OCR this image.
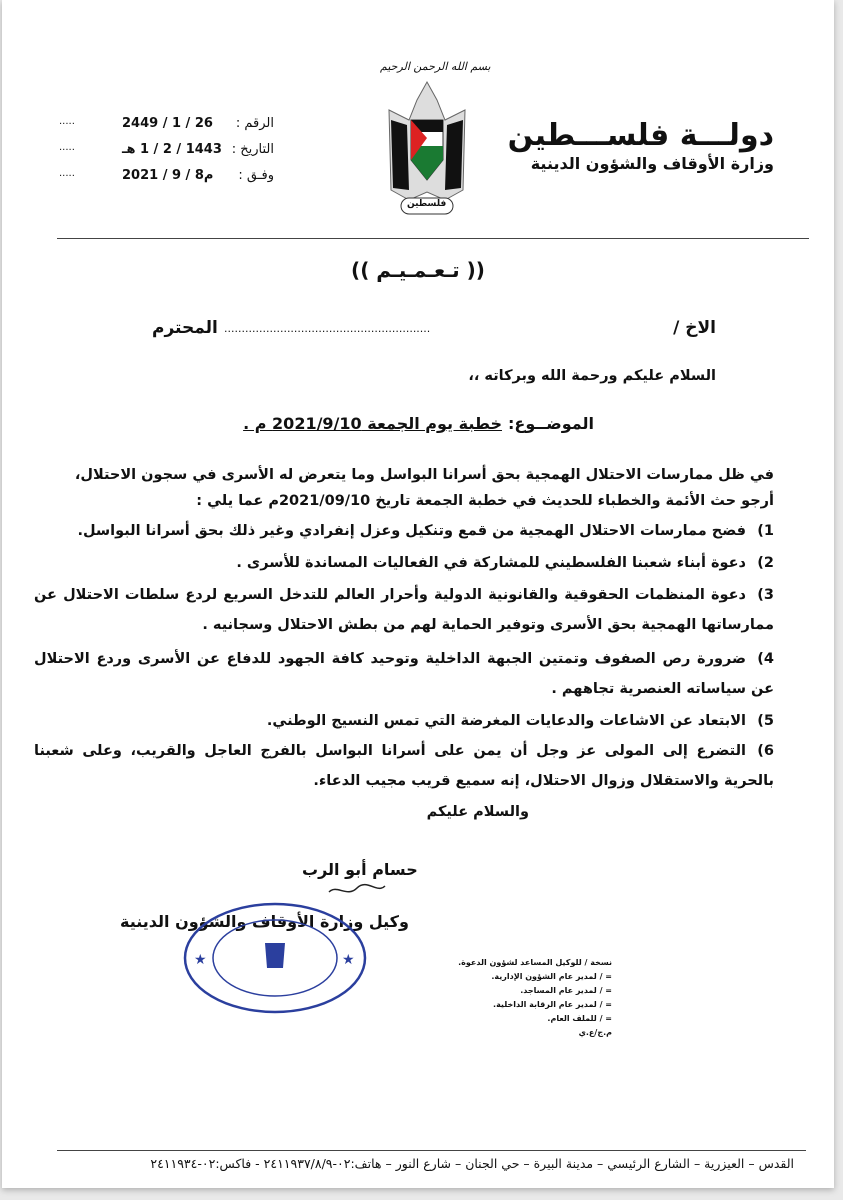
دولـــة فلســـطين
وزارة الأوقاف والشؤون الدينية
بسم الله الرحمن الرحيم
فلسطين
الرقم :
2449 / 1 / 26
التاريخ :
1443 / 2 / 1 هـ
وفـق :
2021 / 9 / 8م
.....
.....
.....
(( تـعـمـيـم ))
الاخ /
...........................................................
المحترم
السلام عليكم ورحمة الله وبركاته ،،
الموضــوع:
خطبة يوم الجمعة 2021/9/10 م .
في ظل ممارسات الاحتلال الهمجية بحق أسرانا البواسل وما يتعرض له الأسرى في سجون الاحتلال،
أرجو حث الأئمة والخطباء للحديث في خطبة الجمعة تاريخ 2021/09/10م عما يلي :
1)فضح ممارسات الاحتلال الهمجية من قمع وتنكيل وعزل إنفرادي وغير ذلك بحق أسرانا البواسل.
2)دعوة أبناء شعبنا الفلسطيني للمشاركة في الفعاليات المساندة للأسرى .
3)دعوة المنظمات الحقوقية والقانونية الدولية وأحرار العالم للتدخل السريع لردع سلطات الاحتلال عن ممارساتها الهمجية بحق الأسرى وتوفير الحماية لهم من بطش الاحتلال وسجانيه .
4)ضرورة رص الصفوف وتمتين الجبهة الداخلية وتوحيد كافة الجهود للدفاع عن الأسرى وردع الاحتلال عن سياساته العنصرية تجاههم .
5)الابتعاد عن الاشاعات والدعايات المغرضة التي تمس النسيج الوطني.
6)التضرع إلى المولى عز وجل أن يمن على أسرانا البواسل بالفرج العاجل والقريب، وعلى شعبنا بالحرية والاستقلال وزوال الاحتلال، إنه سميع قريب مجيب الدعاء.
والسلام عليكم
حسام أبو الرب
وكيل وزارة الأوقاف والشؤون الدينية
★	★	نسخة / للوكيل المساعد لشؤون الدعوة.
= / لمدير عام الشؤون الإدارية.
= / لمدير عام المساجد.
= / لمدير عام الرقابة الداخلية.
= / للملف العام.
م.ج/ع.ي
القدس – العيزرية – الشارع الرئيسي – مدينة البيرة – حي الجنان – شارع النور – هاتف:٠٢-٢٤١١٩٣٧/٨/٩ - فاكس:٠٢-٢٤١١٩٣٤
